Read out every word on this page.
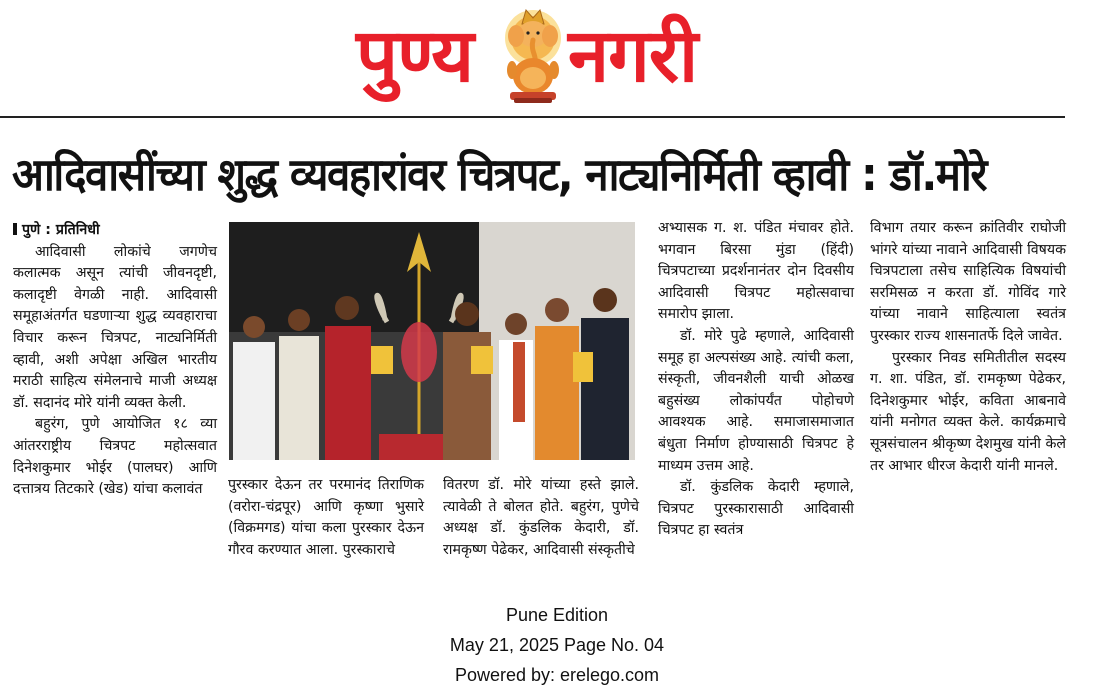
पुण्य नगरी
आदिवासींच्या शुद्ध व्यवहारांवर चित्रपट, नाट्यनिर्मिती व्हावी : डॉ.मोरे

पुणे : प्रतिनिधी

आदिवासी लोकांचे जगणेच कलात्मक असून त्यांची जीवनदृष्टी, कलादृष्टी वेगळी नाही. आदिवासी समूहाअंतर्गत घडणाऱ्या शुद्ध व्यवहाराचा विचार करून चित्रपट, नाट्यनिर्मिती व्हावी, अशी अपेक्षा अखिल भारतीय मराठी साहित्य संमेलनाचे माजी अध्यक्ष डॉ. सदानंद मोरे यांनी व्यक्त केली.

बहुरंग, पुणे आयोजित १८ व्या आंतरराष्ट्रीय चित्रपट महोत्सवात दिनेशकुमार भोईर (पालघर) आणि दत्तात्रय तिटकारे (खेड) यांचा कलावंत	पुरस्कार देऊन तर परमानंद तिराणिक (वरोरा-चंद्रपूर) आणि कृष्णा भुसारे (विक्रमगड) यांचा कला पुरस्कार देऊन गौरव करण्यात आला. पुरस्काराचे

वितरण डॉ. मोरे यांच्या हस्ते झाले. त्यावेळी ते बोलत होते. बहुरंग, पुणेचे अध्यक्ष डॉ. कुंडलिक केदारी, डॉ. रामकृष्ण पेढेकर, आदिवासी संस्कृतीचे

अभ्यासक ग. श. पंडित मंचावर होते. भगवान बिरसा मुंडा (हिंदी) चित्रपटाच्या प्रदर्शनानंतर दोन दिवसीय आदिवासी चित्रपट महोत्सवाचा समारोप झाला.

डॉ. मोरे पुढे म्हणाले, आदिवासी समूह हा अल्पसंख्य आहे. त्यांची कला, संस्कृती, जीवनशैली याची ओळख बहुसंख्य लोकांपर्यंत पोहोचणे आवश्यक आहे. समाजासमाजात बंधुता निर्माण होण्यासाठी चित्रपट हे माध्यम उत्तम आहे.

डॉ. कुंडलिक केदारी म्हणाले, चित्रपट पुरस्कारासाठी आदिवासी चित्रपट हा स्वतंत्र

विभाग तयार करून क्रांतिवीर राघोजी भांगरे यांच्या नावाने आदिवासी विषयक चित्रपटाला तसेच साहित्यिक विषयांची सरमिसळ न करता डॉ. गोविंद गारे यांच्या नावाने साहित्याला स्वतंत्र पुरस्कार राज्य शासनातर्फे दिले जावेत.

पुरस्कार निवड समितीतील सदस्य ग. शा. पंडित, डॉ. रामकृष्ण पेढेकर, दिनेशकुमार भोईर, कविता आबनावे यांनी मनोगत व्यक्त केले. कार्यक्रमाचे सूत्रसंचालन श्रीकृष्ण देशमुख यांनी केले तर आभार धीरज केदारी यांनी मानले.

Pune Edition
May 21, 2025 Page No. 04
Powered by: erelego.com
